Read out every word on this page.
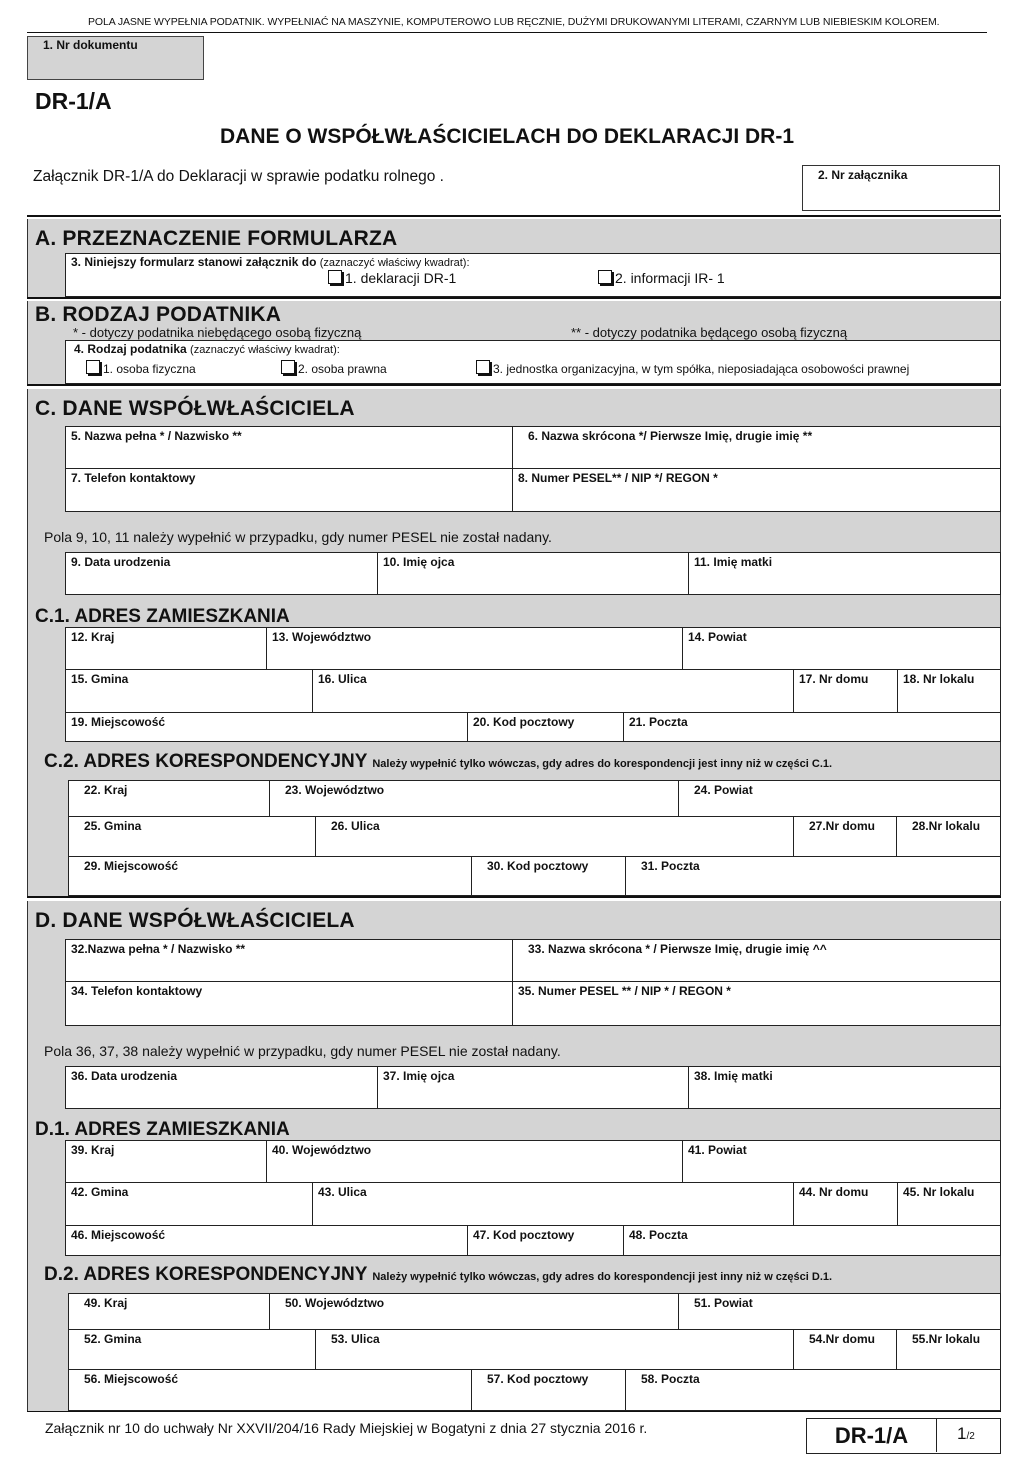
POLA JASNE WYPEŁNIA PODATNIK. WYPEŁNIAĆ NA MASZYNIE, KOMPUTEROWO LUB RĘCZNIE, DUŻYMI DRUKOWANYMI LITERAMI, CZARNYM LUB NIEBIESKIM KOLOREM.
1. Nr dokumentu
DR-1/A
DANE O WSPÓŁWŁAŚCICIELACH DO DEKLARACJI DR-1
Załącznik DR-1/A do Deklaracji w sprawie podatku rolnego .	2. Nr załącznika
A. PRZEZNACZENIE FORMULARZA
3. Niniejszy formularz stanowi załącznik do (zaznaczyć właściwy kwadrat):
1. deklaracji DR-1	2. informacji IR- 1
B. RODZAJ PODATNIKA
* - dotyczy podatnika niebędącego osobą fizyczną	** - dotyczy podatnika będącego osobą fizyczną
4. Rodzaj podatnika (zaznaczyć właściwy kwadrat):
1. osoba fizyczna	2. osoba prawna	3. jednostka organizacyjna, w tym spółka, nieposiadająca osobowości prawnej
C. DANE WSPÓŁWŁAŚCICIELA
Pola 9, 10, 11 należy wypełnić w przypadku, gdy numer PESEL nie został nadany.
C.1. ADRES ZAMIESZKANIA
C.2. ADRES KORESPONDENCYJNY Należy wypełnić tylko wówczas, gdy adres do korespondencji jest inny niż w części C.1.
5. Nazwa pełna * / Nazwisko **	6. Nazwa skrócona */ Pierwsze Imię, drugie imię **
7. Telefon kontaktowy	8. Numer PESEL** / NIP */ REGON *
9. Data urodzenia	10. Imię ojca	11. Imię matki
12. Kraj	13. Województwo	14. Powiat
15. Gmina	16. Ulica	17. Nr domu	18. Nr lokalu
19. Miejscowość	20. Kod pocztowy	21. Poczta
22. Kraj	23. Województwo	24. Powiat
25. Gmina	26. Ulica	27.Nr domu	28.Nr lokalu
29. Miejscowość	30. Kod pocztowy	31. Poczta
D. DANE WSPÓŁWŁAŚCICIELA
Pola 36, 37, 38 należy wypełnić w przypadku, gdy numer PESEL nie został nadany.
D.1. ADRES ZAMIESZKANIA
D.2. ADRES KORESPONDENCYJNY Należy wypełnić tylko wówczas, gdy adres do korespondencji jest inny niż w części D.1.
32.Nazwa pełna * / Nazwisko **	33. Nazwa skrócona * / Pierwsze Imię, drugie imię ^^
34. Telefon kontaktowy	35. Numer PESEL ** / NIP * / REGON *
36. Data urodzenia	37. Imię ojca	38. Imię matki
39. Kraj	40. Województwo	41. Powiat
42. Gmina	43. Ulica	44. Nr domu	45. Nr lokalu
46. Miejscowość	47. Kod pocztowy	48. Poczta
49. Kraj	50. Województwo	51. Powiat
52. Gmina	53. Ulica	54.Nr domu	55.Nr lokalu
56. Miejscowość	57. Kod pocztowy	58. Poczta
Załącznik nr 10 do uchwały Nr XXVII/204/16 Rady Miejskiej w Bogatyni z dnia 27 stycznia 2016 r.	DR-1/A	1/2
